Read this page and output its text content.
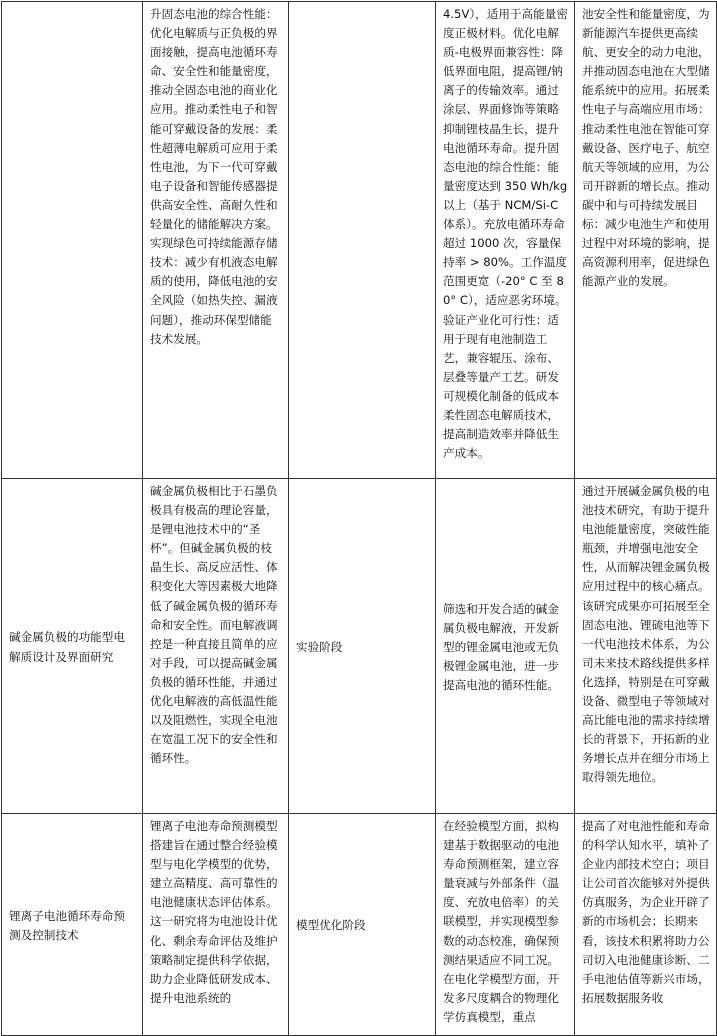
	升固态电池的综合性能：优化电解质与正负极的界面接触，提高电池循环寿命、安全性和能量密度，推动全固态电池的商业化应用。推动柔性电子和智能可穿戴设备的发展：柔性超薄电解质可应用于柔性电池，为下一代可穿戴电子设备和智能传感器提供高安全性、高耐久性和轻量化的储能解决方案。实现绿色可持续能源存储技术：减少有机液态电解质的使用，降低电池的安全风险（如热失控、漏液问题），推动环保型储能技术发展。		4.5V），适用于高能量密度正极材料。优化电解质-电极界面兼容性：降低界面电阻，提高锂/钠离子的传输效率。通过涂层、界面修饰等策略抑制锂枝晶生长，提升电池循环寿命。提升固态电池的综合性能：能量密度达到 350 Wh/kg 以上（基于 NCM/Si-C 体系）。充放电循环寿命超过 1000 次，容量保持率 > 80%。工作温度范围更宽（-20° C 至 80° C），适应恶劣环境。验证产业化可行性：适用于现有电池制造工艺，兼容辊压、涂布、层叠等量产工艺。研发可规模化制备的低成本柔性固态电解质技术，提高制造效率并降低生产成本。	池安全性和能量密度，为新能源汽车提供更高续航、更安全的动力电池，并推动固态电池在大型储能系统中的应用。拓展柔性电子与高端应用市场：推动柔性电池在智能可穿戴设备、医疗电子、航空航天等领域的应用，为公司开辟新的增长点。推动碳中和与可持续发展目标：减少电池生产和使用过程中对环境的影响，提高资源利用率，促进绿色能源产业的发展。
碱金属负极的功能型电解质设计及界面研究	碱金属负极相比于石墨负极具有极高的理论容量，是锂电池技术中的“圣杯”。但碱金属负极的枝晶生长、高反应活性、体积变化大等因素极大地降低了碱金属负极的循环寿命和安全性。而电解液调控是一种直接且简单的应对手段，可以提高碱金属负极的循环性能，并通过优化电解液的高低温性能以及阻燃性，实现全电池在宽温工况下的安全性和循环性。	实验阶段	筛选和开发合适的碱金属负极电解液，开发新型的锂金属电池或无负极锂金属电池，进一步提高电池的循环性能。	通过开展碱金属负极的电池技术研究，有助于提升电池能量密度，突破性能瓶颈，并增强电池安全性，从而解决锂金属负极应用过程中的核心痛点。该研究成果亦可拓展至全固态电池、锂硫电池等下一代电池技术体系，为公司未来技术路线提供多样化选择，特别是在可穿戴设备、微型电子等领域对高比能电池的需求持续增长的背景下，开拓新的业务增长点并在细分市场上取得领先地位。
锂离子电池循环寿命预测及控制技术	锂离子电池寿命预测模型搭建旨在通过整合经验模型与电化学模型的优势，建立高精度、高可靠性的电池健康状态评估体系。这一研究将为电池设计优化、剩余寿命评估及维护策略制定提供科学依据，助力企业降低研发成本、提升电池系统的	模型优化阶段	在经验模型方面，拟构建基于数据驱动的电池寿命预测框架，建立容量衰减与外部条件（温度、充放电倍率）的关联模型，并实现模型参数的动态校准，确保预测结果适应不同工况。在电化学模型方面，开发多尺度耦合的物理化学仿真模型，重点	提高了对电池性能和寿命的科学认知水平，填补了企业内部技术空白；项目让公司首次能够对外提供仿真服务，为企业开辟了新的市场机会；长期来看，该技术积累将助力公司切入电池健康诊断、二手电池估值等新兴市场，拓展数据服务收
